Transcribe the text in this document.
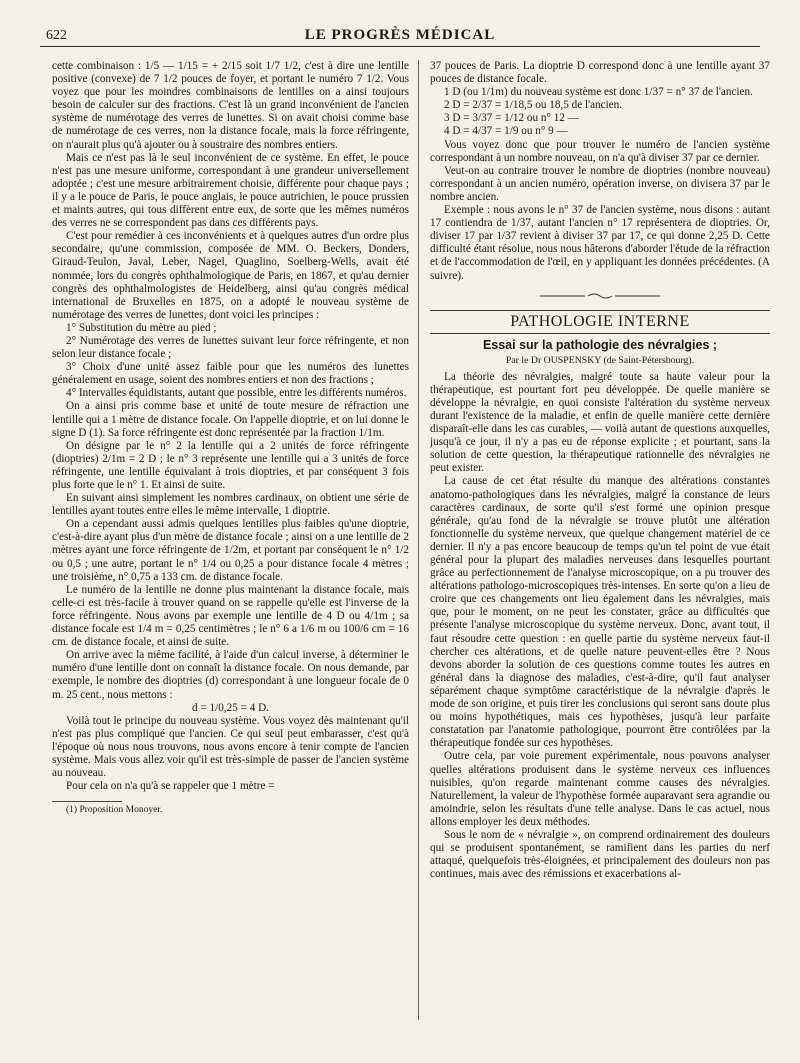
622	LE PROGRÈS MÉDICAL

cette combinaison : 1/5 — 1/15 = + 2/15 soit 1/7 1/2, c'est à dire une lentille positive (convexe) de 7 1/2 pouces de foyer, et portant le numéro 7 1/2. Vous voyez que pour les moindres combinaisons de lentilles on a ainsi toujours besoin de calculer sur des fractions. C'est là un grand inconvénient de l'ancien système de numérotage des verres de lunettes. Si on avait choisi comme base de numérotage de ces verres, non la distance focale, mais la force réfringente, on n'aurait plus qu'à ajouter ou à soustraire des nombres entiers.

Mais ce n'est pas là le seul inconvénient de ce système. En effet, le pouce n'est pas une mesure uniforme, correspondant à une grandeur universellement adoptée ; c'est une mesure arbitrairement choisie, différente pour chaque pays ; il y a le pouce de Paris, le pouce anglais, le pouce autrichien, le pouce prussien et maints autres, qui tous diffèrent entre eux, de sorte que les mêmes numéros des verres ne se correspondent pas dans ces différents pays.

C'est pour remédier à ces inconvénients et à quelques autres d'un ordre plus secondaire, qu'une commission, composée de MM. O. Beckers, Donders, Giraud-Teulon, Javal, Leber, Nagel, Quaglino, Soelberg-Wells, avait été nommée, lors du congrès ophthalmologique de Paris, en 1867, et qu'au dernier congrès des ophthalmologistes de Heidelberg, ainsi qu'au congrès médical international de Bruxelles en 1875, on a adopté le nouveau système de numérotage des verres de lunettes, dont voici les principes :

1° Substitution du mètre au pied ;

2° Numérotage des verres de lunettes suivant leur force réfringente, et non selon leur distance focale ;

3° Choix d'une unité assez faible pour que les numéros des lunettes généralement en usage, soient des nombres entiers et non des fractions ;

4° Intervalles équidistants, autant que possible, entre les différents numéros.

On a ainsi pris comme base et unité de toute mesure de réfraction une lentille qui a 1 mètre de distance focale. On l'appelle dioptrie, et on lui donne le signe D (1). Sa force réfringente est donc représentée par la fraction 1/1m.

On désigne par le n° 2 la lentille qui a 2 unités de force réfringente (dioptries) 2/1m = 2 D ; le n° 3 représente une lentille qui a 3 unités de force réfringente, une lentille équivalant à trois dioptries, et par conséquent 3 fois plus forte que le n° 1. Et ainsi de suite.

En suivant ainsi simplement les nombres cardinaux, on obtient une série de lentilles ayant toutes entre elles le même intervalle, 1 dioptrie.

On a cependant aussi admis quelques lentilles plus faibles qu'une dioptrie, c'est-à-dire ayant plus d'un mètre de distance focale ; ainsi on a une lentille de 2 mètres ayant une force réfringente de 1/2m, et portant par conséquent le n° 1/2 ou 0,5 ; une autre, portant le n° 1/4 ou 0,25 a pour distance focale 4 mètres ; une troisième, n° 0,75 a 133 cm. de distance focale.

Le numéro de la lentille ne donne plus maintenant la distance focale, mais celle-ci est très-facile à trouver quand on se rappelle qu'elle est l'inverse de la force réfringente. Nous avons par exemple une lentille de 4 D ou 4/1m ; sa distance focale est 1/4 m = 0,25 centimètres ; le n° 6 a 1/6 m ou 100/6 cm = 16 cm. de distance focale, et ainsi de suite.

On arrive avec la même facilité, à l'aide d'un calcul inverse, à déterminer le numéro d'une lentille dont on connaît la distance focale. On nous demande, par exemple, le nombre des dioptries (d) correspondant à une longueur focale de 0 m. 25 cent., nous mettons :

d = 1/0,25 = 4 D.

Voilà tout le principe du nouveau système. Vous voyez dès maintenant qu'il n'est pas plus compliqué que l'ancien. Ce qui seul peut embarasser, c'est qu'à l'époque où nous nous trouvons, nous avons encore à tenir compte de l'ancien système. Mais vous allez voir qu'il est très-simple de passer de l'ancien système au nouveau.

Pour cela on n'a qu'à se rappeler que 1 mètre =

(1) Proposition Monoyer.

37 pouces de Paris. La dioptrie D correspond donc à une lentille ayant 37 pouces de distance focale.

1 D (ou 1/1m) du nouveau système est donc 1/37 = n° 37 de l'ancien.

2 D = 2/37 = 1/18,5 ou 18,5 de l'ancien.

3 D = 3/37 = 1/12 ou n° 12 —

4 D = 4/37 = 1/9 ou n° 9 —

Vous voyez donc que pour trouver le numéro de l'ancien système correspondant à un nombre nouveau, on n'a qu'à diviser 37 par ce dernier.

Veut-on au contraire trouver le nombre de dioptries (nombre nouveau) correspondant à un ancien numéro, opération inverse, on divisera 37 par le nombre ancien.

Exemple : nous avons le n° 37 de l'ancien système, nous disons : autant 17 contiendra de 1/37, autant l'ancien n° 17 représentera de dioptries. Or, diviser 17 par 1/37 revient à diviser 37 par 17, ce qui donne 2,25 D. Cette difficulté étant résolue, nous nous hâterons d'aborder l'étude de la réfraction et de l'accommodation de l'œil, en y appliquant les données précédentes. (A suivre).

PATHOLOGIE INTERNE
Essai sur la pathologie des névralgies ;
Par le Dr OUSPENSKY (de Saint-Pétersbourg).

La théorie des névralgies, malgré toute sa haute valeur pour la thérapeutique, est pourtant fort peu développée. De quelle manière se développe la névralgie, en quoi consiste l'altération du système nerveux durant l'existence de la maladie, et enfin de quelle manière cette dernière disparaît-elle dans les cas curables, — voilà autant de questions auxquelles, jusqu'à ce jour, il n'y a pas eu de réponse explicite ; et pourtant, sans la solution de cette question, la thérapeutique rationnelle des névralgies ne peut exister.

La cause de cet état résulte du manque des altérations constantes anatomo-pathologiques dans les névralgies, malgré la constance de leurs caractères cardinaux, de sorte qu'il s'est formé une opinion presque générale, qu'au fond de la névralgie se trouve plutôt une altération fonctionnelle du système nerveux, que quelque changement matériel de ce dernier. Il n'y a pas encore beaucoup de temps qu'un tel point de vue était général pour la plupart des maladies nerveuses dans lesquelles pourtant grâce au perfectionnement de l'analyse microscopique, on a pu trouver des altérations pathologo-microscopiques très-intenses. En sorte qu'on a lieu de croire que ces changements ont lieu également dans les névralgies, mais que, pour le moment, on ne peut les constater, grâce au difficultés que présente l'analyse microscopique du système nerveux. Donc, avant tout, il faut résoudre cette question : en quelle partie du système nerveux faut-il chercher ces altérations, et de quelle nature peuvent-elles être ? Nous devons aborder la solution de ces questions comme toutes les autres en général dans la diagnose des maladies, c'est-à-dire, qu'il faut analyser séparément chaque symptôme caractéristique de la névralgie d'après le mode de son origine, et puis tirer les conclusions qui seront sans doute plus ou moins hypothétiques, mais ces hypothèses, jusqu'à leur parfaite constatation par l'anatomie pathologique, pourront être contrôlées par la thérapeutique fondée sur ces hypothèses.

Outre cela, par voie purement expérimentale, nous pouvons analyser quelles altérations produisent dans le système nerveux ces influences nuisibles, qu'on regarde maintenant comme causes des névralgies. Naturellement, la valeur de l'hypothèse formée auparavant sera agrandie ou amoindrie, selon les résultats d'une telle analyse. Dans le cas actuel, nous allons employer les deux méthodes.

Sous le nom de « névralgie », on comprend ordinairement des douleurs qui se produisent spontanément, se ramifient dans les parties du nerf attaqué, quelquefois très-éloignées, et principalement des douleurs non pas continues, mais avec des rémissions et exacerbations al-
